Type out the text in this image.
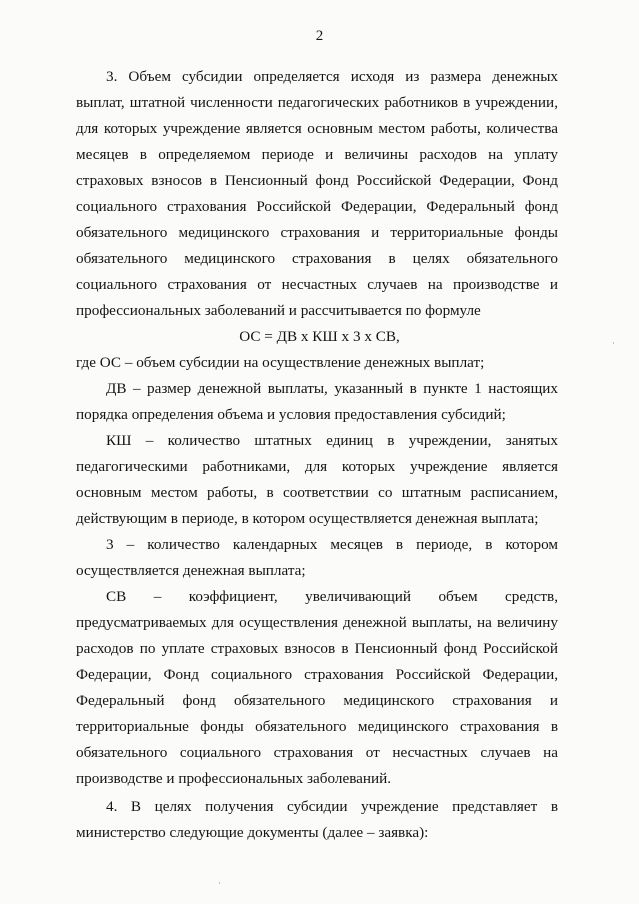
2
3. Объем субсидии определяется исходя из размера денежных
выплат, штатной численности педагогических работников в учреждении,
для которых учреждение является основным местом работы, количества
месяцев в определяемом периоде и величины расходов на уплату
страховых взносов в Пенсионный фонд Российской Федерации, Фонд
социального страхования Российской Федерации, Федеральный фонд
обязательного медицинского страхования и территориальные фонды
обязательного медицинского страхования в целях обязательного
социального страхования от несчастных случаев на производстве и
профессиональных заболеваний и рассчитывается по формуле
ОС = ДВ х КШ х 3 х СВ,
где ОС – объем субсидии на осуществление денежных выплат;
ДВ – размер денежной выплаты, указанный в пункте 1 настоящих
порядка определения объема и условия предоставления субсидий;
КШ – количество штатных единиц в учреждении, занятых
педагогическими работниками, для которых учреждение является
основным местом работы, в соответствии со штатным расписанием,
действующим в периоде, в котором осуществляется денежная выплата;
3 – количество календарных месяцев в периоде, в котором
осуществляется денежная выплата;
СВ – коэффициент, увеличивающий объем средств,
предусматриваемых для осуществления денежной выплаты, на величину
расходов по уплате страховых взносов в Пенсионный фонд Российской
Федерации, Фонд социального страхования Российской Федерации,
Федеральный фонд обязательного медицинского страхования и
территориальные фонды обязательного медицинского страхования в
обязательного социального страхования от несчастных случаев на
производстве и профессиональных заболеваний.
4. В целях получения субсидии учреждение представляет в
министерство следующие документы (далее – заявка):
·
·
